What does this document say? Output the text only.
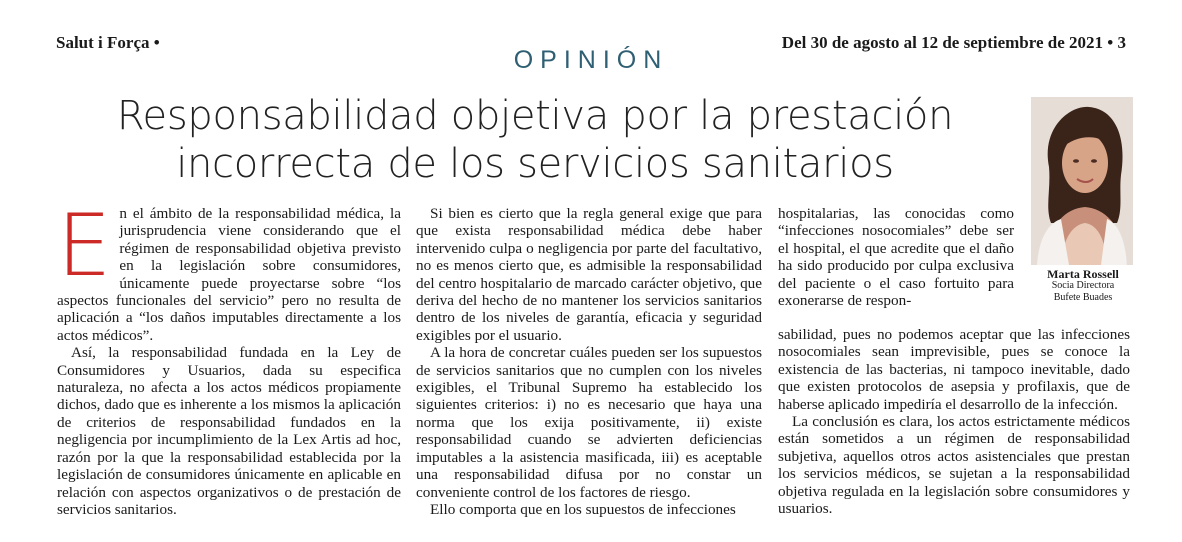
Salut i Força •	Del 30 de agosto al 12 de septiembre de 2021 • 3
OPINIÓN
Responsabilidad objetiva por la prestación
incorrecta de los servicios sanitarios
Marta Rossell
Socia Directora
Bufete Buades

En el ámbito de la responsabilidad médica, la jurisprudencia viene considerando que el régimen de responsabilidad objetiva previsto en la legislación sobre consumidores, únicamente puede proyectarse sobre “los aspectos funcionales del servicio” pero no resulta de aplicación a “los daños imputables directamente a los actos médicos”.

Así, la responsabilidad fundada en la Ley de Consumidores y Usuarios, dada su especifica naturaleza, no afecta a los actos médicos propiamente dichos, dado que es inherente a los mismos la aplicación de criterios de responsabilidad fundados en la negligencia por incumplimiento de la Lex Artis ad hoc, razón por la que la responsabilidad establecida por la legislación de consumidores únicamente en aplicable en relación con aspectos organizativos o de prestación de servicios sanitarios.

Si bien es cierto que la regla general exige que para que exista responsabilidad médica debe haber intervenido culpa o negligencia por parte del facultativo, no es menos cierto que, es admisible la responsabilidad del centro hospitalario de marcado carácter objetivo, que deriva del hecho de no mantener los servicios sanitarios dentro de los niveles de garantía, eficacia y seguridad exigibles por el usuario.

A la hora de concretar cuáles pueden ser los supuestos de servicios sanitarios que no cumplen con los niveles exigibles, el Tribunal Supremo ha establecido los siguientes criterios: i) no es necesario que haya una norma que los exija positivamente, ii) existe responsabilidad cuando se advierten deficiencias imputables a la asistencia masificada, iii) es aceptable una responsabilidad difusa por no constar un conveniente control de los factores de riesgo.

Ello comporta que en los supuestos de infecciones

hospitalarias, las conocidas como “infecciones nosocomiales” debe ser el hospital, el que acredite que el daño ha sido producido por culpa exclusiva del paciente o el caso fortuito para exonerarse de respon-

sabilidad, pues no podemos aceptar que las infecciones nosocomiales sean imprevisible, pues se conoce la existencia de las bacterias, ni tampoco inevitable, dado que existen protocolos de asepsia y profilaxis, que de haberse aplicado impediría el desarrollo de la infección.

La conclusión es clara, los actos estrictamente médicos están sometidos a un régimen de responsabilidad subjetiva, aquellos otros actos asistenciales que prestan los servicios médicos, se sujetan a la responsabilidad objetiva regulada en la legislación sobre consumidores y usuarios.
